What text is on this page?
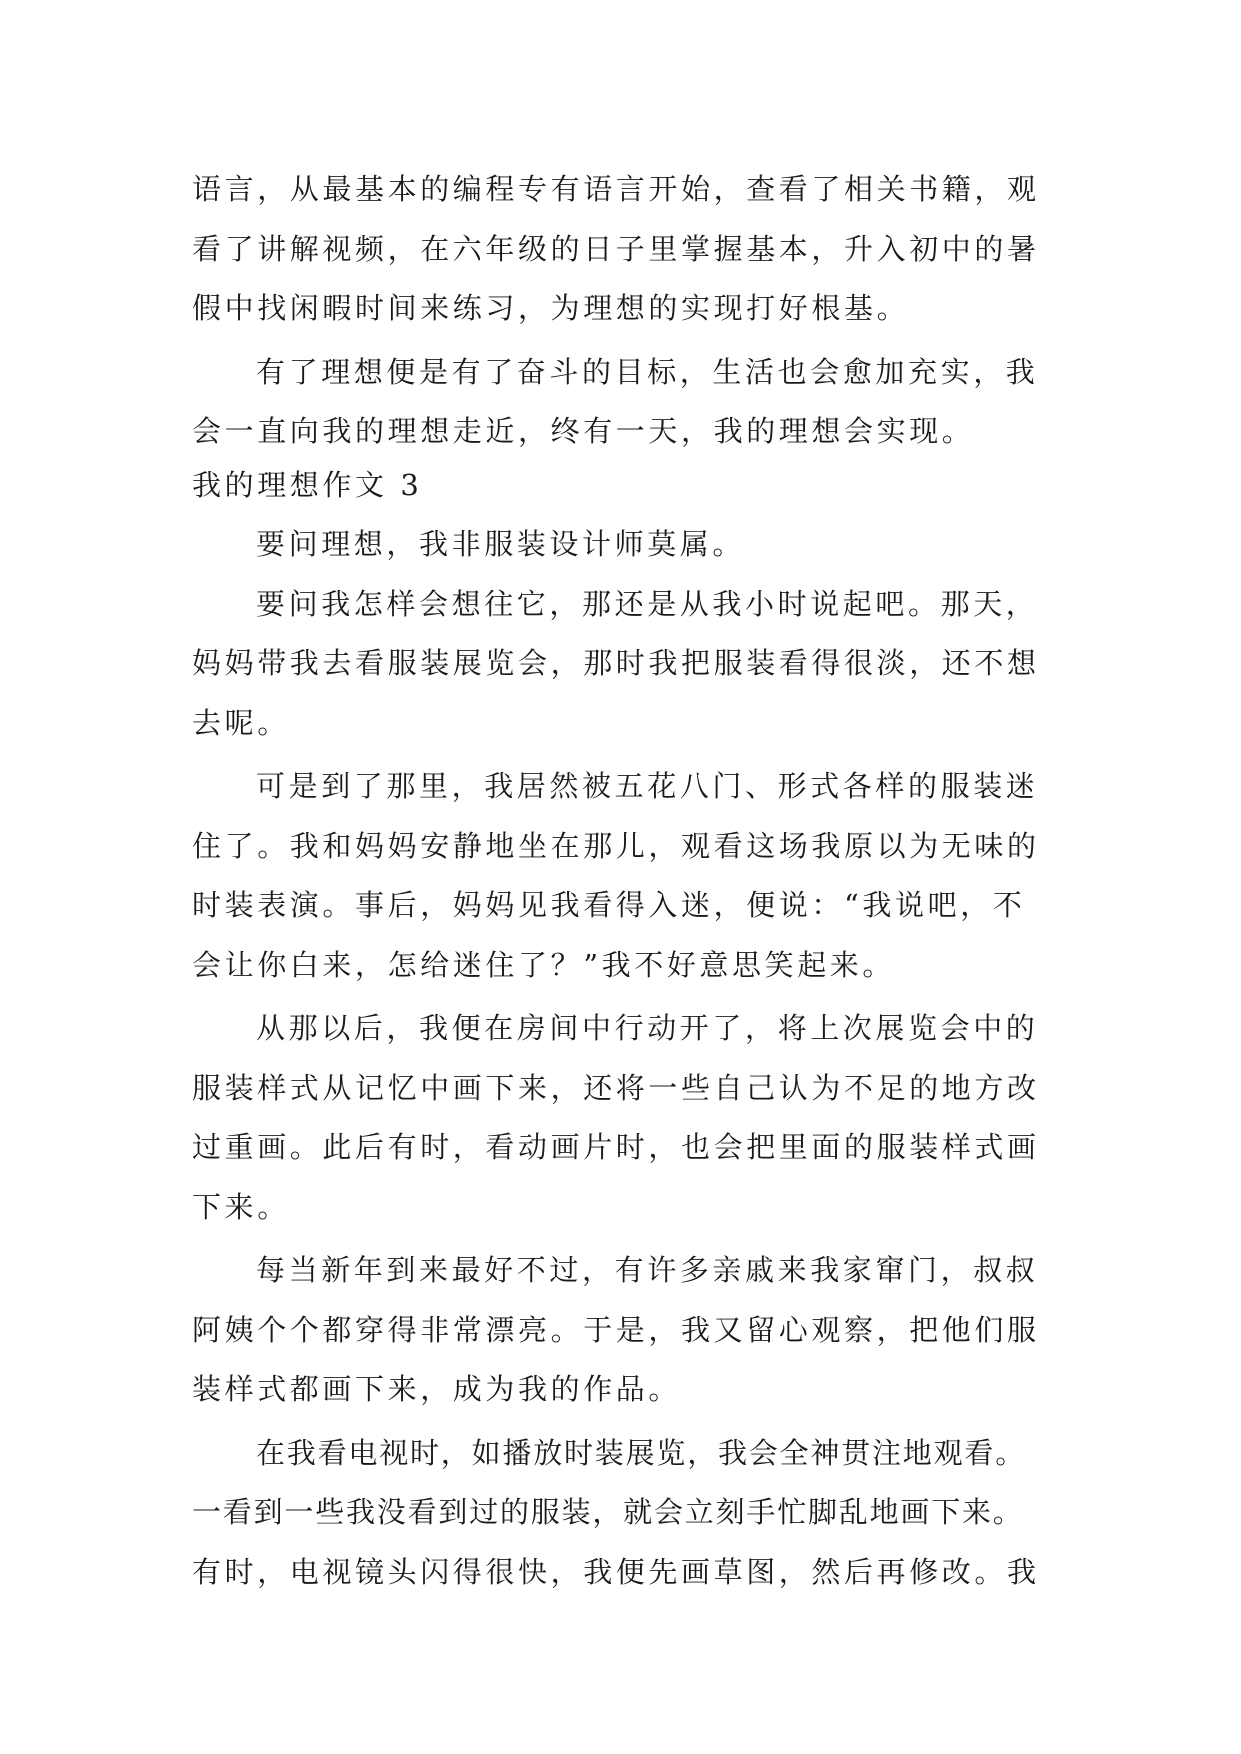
语言，从最基本的编程专有语言开始，查看了相关书籍，观
看了讲解视频，在六年级的日子里掌握基本，升入初中的暑
假中找闲暇时间来练习，为理想的实现打好根基。
有了理想便是有了奋斗的目标，生活也会愈加充实，我
会一直向我的理想走近，终有一天，我的理想会实现。
我的理想作文 3
要问理想，我非服装设计师莫属。
要问我怎样会想往它，那还是从我小时说起吧。那天，
妈妈带我去看服装展览会，那时我把服装看得很淡，还不想
去呢。
可是到了那里，我居然被五花八门、形式各样的服装迷
住了。我和妈妈安静地坐在那儿，观看这场我原以为无味的
时装表演。事后，妈妈见我看得入迷，便说：“我说吧，不
会让你白来，怎给迷住了？”我不好意思笑起来。
从那以后，我便在房间中行动开了，将上次展览会中的
服装样式从记忆中画下来，还将一些自己认为不足的地方改
过重画。此后有时，看动画片时，也会把里面的服装样式画
下来。
每当新年到来最好不过，有许多亲戚来我家窜门，叔叔
阿姨个个都穿得非常漂亮。于是，我又留心观察，把他们服
装样式都画下来，成为我的作品。
在我看电视时，如播放时装展览，我会全神贯注地观看。
一看到一些我没看到过的服装，就会立刻手忙脚乱地画下来。
有时，电视镜头闪得很快，我便先画草图，然后再修改。我
